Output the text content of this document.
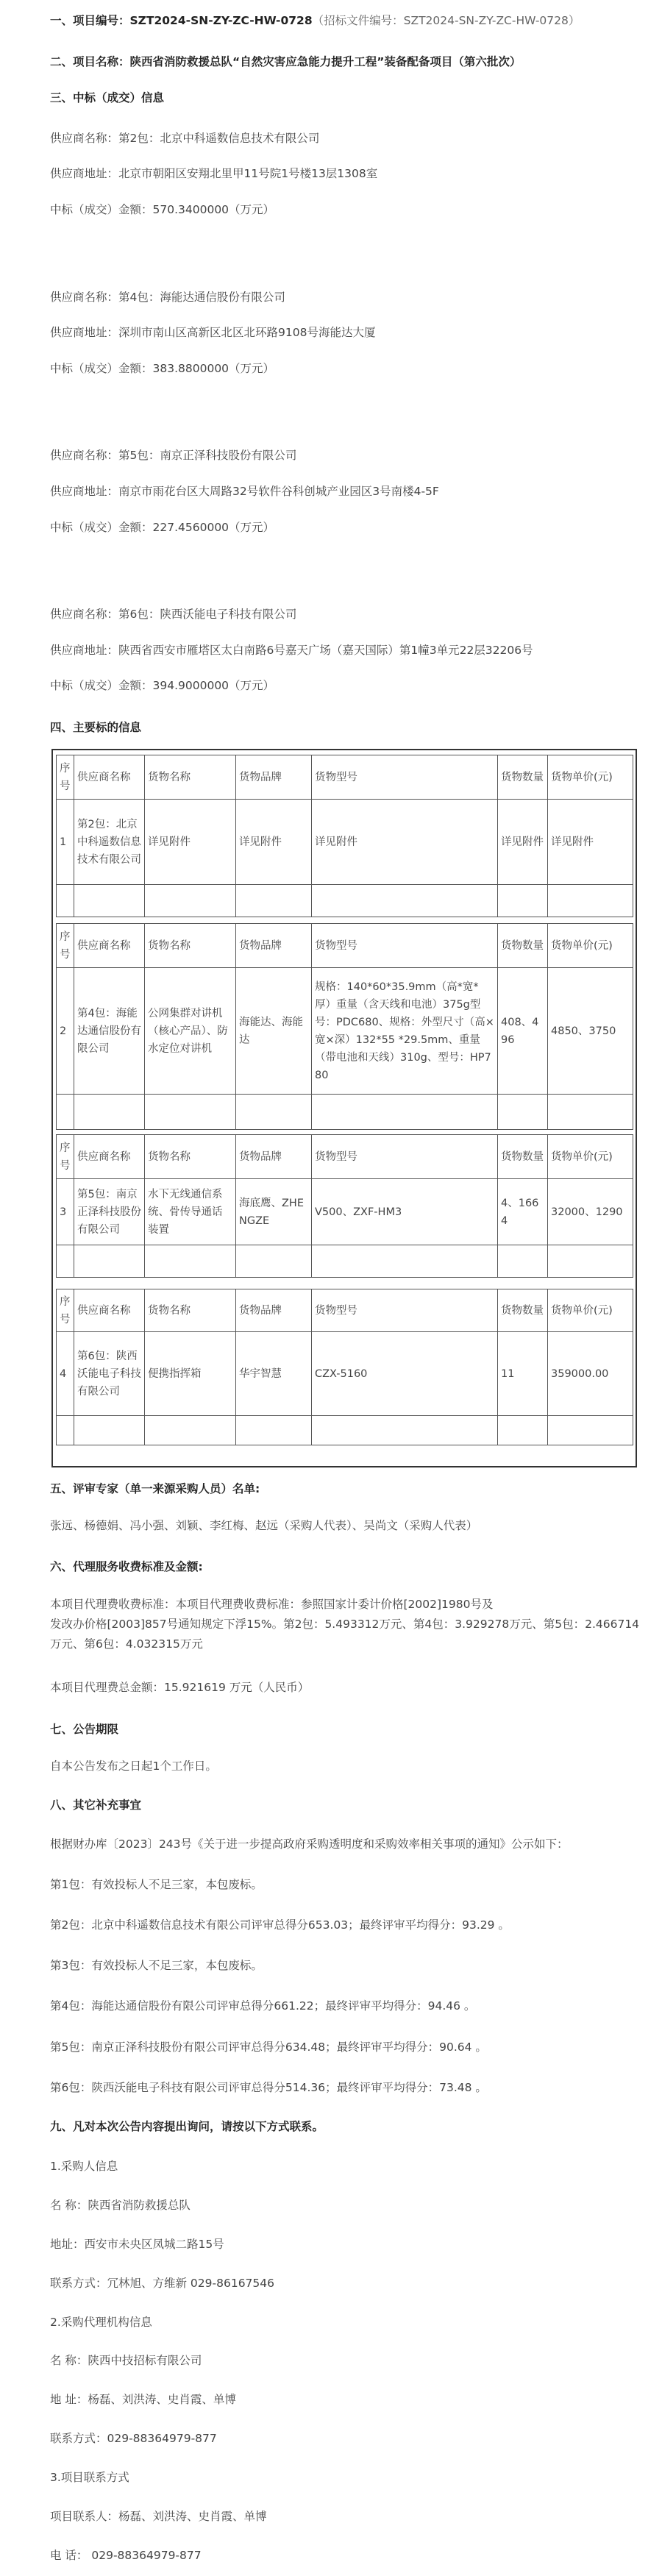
一、项目编号：SZT2024-SN-ZY-ZC-HW-0728（招标文件编号：SZT2024-SN-ZY-ZC-HW-0728）
二、项目名称：陕西省消防救援总队“自然灾害应急能力提升工程”装备配备项目（第六批次）
三、中标（成交）信息
供应商名称：第2包：北京中科遥数信息技术有限公司
供应商地址：北京市朝阳区安翔北里甲11号院1号楼13层1308室
中标（成交）金额：570.3400000（万元）
供应商名称：第4包：海能达通信股份有限公司
供应商地址：深圳市南山区高新区北区北环路9108号海能达大厦
中标（成交）金额：383.8800000（万元）
供应商名称：第5包：南京正泽科技股份有限公司
供应商地址：南京市雨花台区大周路32号软件谷科创城产业园区3号南楼4-5F
中标（成交）金额：227.4560000（万元）
供应商名称：第6包：陕西沃能电子科技有限公司
供应商地址：陕西省西安市雁塔区太白南路6号嘉天广场（嘉天国际）第1幢3单元22层32206号
中标（成交）金额：394.9000000（万元）
四、主要标的信息
序号	供应商名称	货物名称	货物品牌	货物型号	货物数量	货物单价(元)
1	第2包：北京中科遥数信息技术有限公司	详见附件	详见附件	详见附件	详见附件	详见附件

序号	供应商名称	货物名称	货物品牌	货物型号	货物数量	货物单价(元)
2	第4包：海能达通信股份有限公司	公网集群对讲机（核心产品）、防水定位对讲机	海能达、海能达	规格：140*60*35.9mm（高*宽*厚）重量（含天线和电池）375g型号：PDC680、规格：外型尺寸（高×宽×深）132*55 *29.5mm、重量（带电池和天线）310g、型号：HP780	408、496	4850、3750

序号	供应商名称	货物名称	货物品牌	货物型号	货物数量	货物单价(元)
3	第5包：南京正泽科技股份有限公司	水下无线通信系统、骨传导通话装置	海底鹰、ZHENGZE	V500、ZXF-HM3	4、1664	32000、1290

序号	供应商名称	货物名称	货物品牌	货物型号	货物数量	货物单价(元)
4	第6包：陕西沃能电子科技有限公司	便携指挥箱	华宇智慧	CZX-5160	11	359000.00

五、评审专家（单一来源采购人员）名单:
张远、杨德娟、冯小强、刘颖、李红梅、赵远（采购人代表）、吴尚文（采购人代表）
六、代理服务收费标准及金额:
本项目代理费收费标准：本项目代理费收费标准：参照国家计委计价格[2002]1980号及
发改办价格[2003]857号通知规定下浮15%。第2包：5.493312万元、第4包：3.929278万元、第5包：2.466714
万元、第6包：4.032315万元
本项目代理费总金额：15.921619 万元（人民币）
七、公告期限
自本公告发布之日起1个工作日。
八、其它补充事宜
根据财办库〔2023〕243号《关于进一步提高政府采购透明度和采购效率相关事项的通知》公示如下：
第1包：有效投标人不足三家，本包废标。
第2包：北京中科遥数信息技术有限公司评审总得分653.03；最终评审平均得分：93.29 。
第3包：有效投标人不足三家，本包废标。
第4包：海能达通信股份有限公司评审总得分661.22；最终评审平均得分：94.46 。
第5包：南京正泽科技股份有限公司评审总得分634.48；最终评审平均得分：90.64 。
第6包：陕西沃能电子科技有限公司评审总得分514.36；最终评审平均得分：73.48 。
九、凡对本次公告内容提出询问，请按以下方式联系。
1.采购人信息
名 称：陕西省消防救援总队
地址：西安市未央区凤城二路15号
联系方式：冗林旭、方维新 029-86167546
2.采购代理机构信息
名 称：陕西中技招标有限公司
地 址：杨磊、刘洪涛、史肖霞、单博
联系方式：029-88364979-877
3.项目联系方式
项目联系人：杨磊、刘洪涛、史肖霞、单博
电 话： 029-88364979-877
